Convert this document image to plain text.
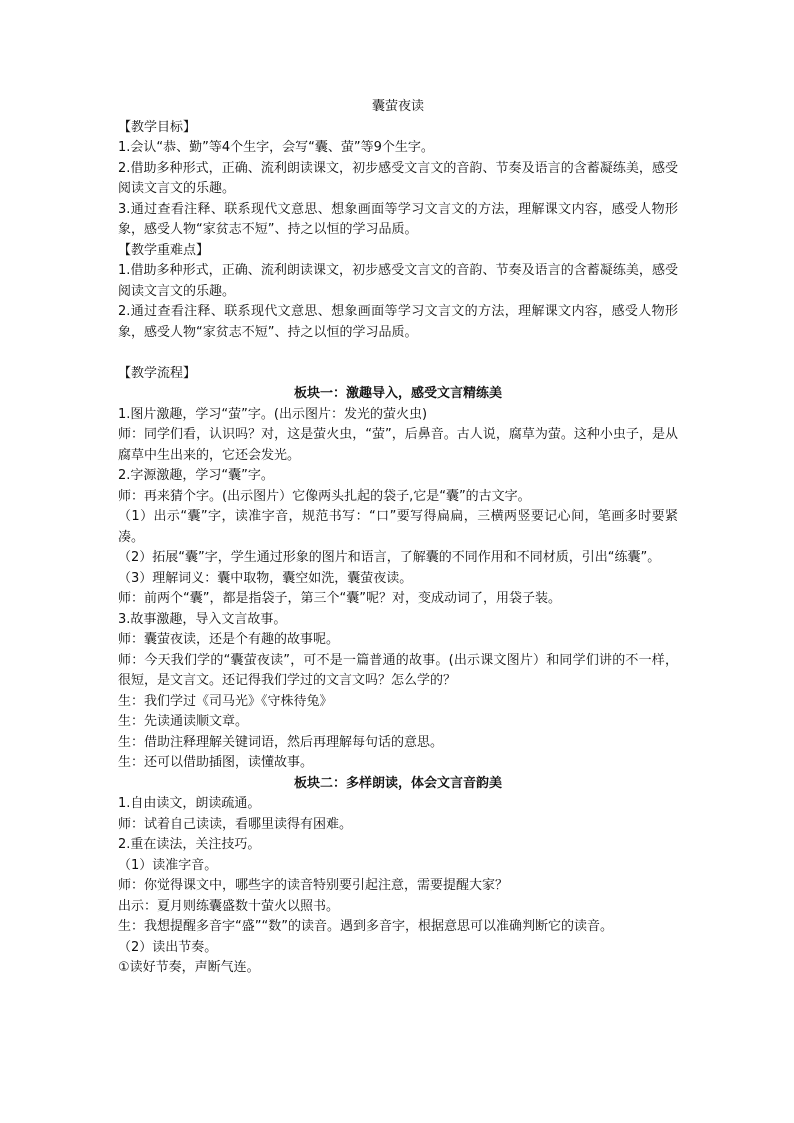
囊萤夜读

【教学目标】

1.会认“恭、勤”等4个生字，会写“囊、萤”等9个生字。

2.借助多种形式，正确、流利朗读课文，初步感受文言文的音韵、节奏及语言的含蓄凝练美，感受阅读文言文的乐趣。

3.通过查看注释、联系现代文意思、想象画面等学习文言文的方法，理解课文内容，感受人物形象，感受人物“家贫志不短”、持之以恒的学习品质。

【教学重难点】

1.借助多种形式，正确、流利朗读课文，初步感受文言文的音韵、节奏及语言的含蓄凝练美，感受阅读文言文的乐趣。

2.通过查看注释、联系现代文意思、想象画面等学习文言文的方法，理解课文内容，感受人物形象，感受人物“家贫志不短”、持之以恒的学习品质。

【教学流程】

板块一：激趣导入，感受文言精练美

1.图片激趣，学习“萤”字。(出示图片：发光的萤火虫)

师：同学们看，认识吗？对，这是萤火虫，“萤”，后鼻音。古人说，腐草为萤。这种小虫子，是从腐草中生出来的，它还会发光。

2.字源激趣，学习“囊”字。

师：再来猜个字。(出示图片）它像两头扎起的袋子,它是“囊”的古文字。

（1）出示“囊”字，读准字音，规范书写：“口”要写得扁扁，三横两竖要记心间，笔画多时要紧凑。

（2）拓展“囊”字，学生通过形象的图片和语言，了解囊的不同作用和不同材质，引出“练囊”。

（3）理解词义：囊中取物，囊空如洗，囊萤夜读。

师：前两个“囊”，都是指袋子，第三个“囊”呢？对，变成动词了，用袋子装。

3.故事激趣，导入文言故事。

师：囊萤夜读，还是个有趣的故事呢。

师：今天我们学的“囊萤夜读”，可不是一篇普通的故事。(出示课文图片）和同学们讲的不一样，很短，是文言文。还记得我们学过的文言文吗？怎么学的？

生：我们学过《司马光》《守株待兔》

生：先读通读顺文章。

生：借助注释理解关键词语，然后再理解每句话的意思。

生：还可以借助插图，读懂故事。

板块二：多样朗读，体会文言音韵美

1.自由读文，朗读疏通。

师：试着自己读读，看哪里读得有困难。

2.重在读法，关注技巧。

（1）读准字音。

师：你觉得课文中，哪些字的读音特别要引起注意，需要提醒大家？

出示：夏月则练囊盛数十萤火以照书。

生：我想提醒多音字“盛”“数”的读音。遇到多音字，根据意思可以准确判断它的读音。

（2）读出节奏。

①读好节奏，声断气连。
